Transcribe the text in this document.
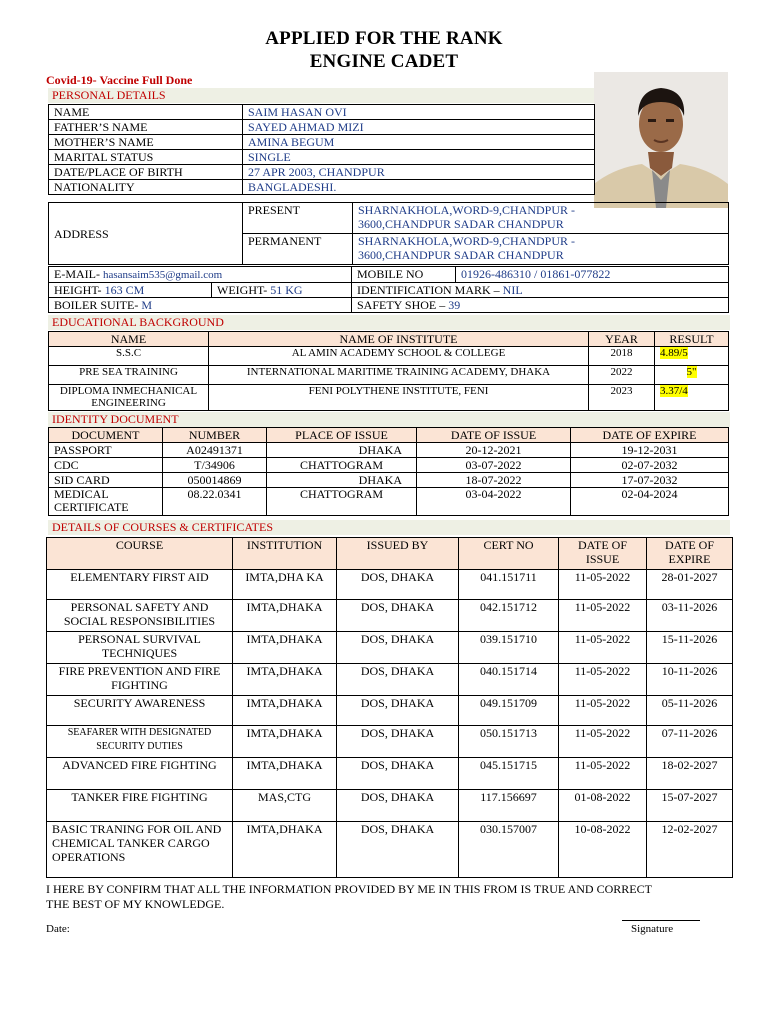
APPLIED FOR THE RANK
ENGINE CADET
Covid-19- Vaccine Full Done
PERSONAL DETAILS
NAME	SAIM HASAN OVI
FATHER’S NAME	SAYED AHMAD MIZI
MOTHER’S NAME	AMINA BEGUM
MARITAL STATUS	SINGLE
DATE/PLACE OF BIRTH	27 APR 2003, CHANDPUR
NATIONALITY	BANGLADESHI.
ADDRESS	PRESENT	SHARNAKHOLA,WORD-9,CHANDPUR -
3600,CHANDPUR SADAR CHANDPUR

	PERMANENT	SHARNAKHOLA,WORD-9,CHANDPUR -
3600,CHANDPUR SADAR CHANDPUR
E-MAIL- hasansaim535@gmail.com		MOBILE NO	01926-486310 / 01861-077822
HEIGHT- 163 CM	WEIGHT- 51 KG	IDENTIFICATION MARK – NIL	
BOILER SUITE- M		SAFETY SHOE – 39	
EDUCATIONAL BACKGROUND
NAME	NAME OF INSTITUTE	YEAR	RESULT
S.S.C	AL AMIN ACADEMY SCHOOL & COLLEGE	2018	4.89/5
PRE SEA TRAINING	INTERNATIONAL MARITIME TRAINING ACADEMY, DHAKA	2022	5"
DIPLOMA INMECHANICAL ENGINEERING	FENI POLYTHENE INSTITUTE, FENI	2023	3.37/4
IDENTITY DOCUMENT
DOCUMENT	NUMBER	PLACE OF ISSUE	DATE OF ISSUE	DATE OF EXPIRE
PASSPORT	A02491371	DHAKA	20-12-2021	19-12-2031
CDC	T/34906	CHATTOGRAM	03-07-2022	02-07-2032
SID CARD	050014869	DHAKA	18-07-2022	17-07-2032
MEDICAL CERTIFICATE	08.22.0341	CHATTOGRAM	03-04-2022	02-04-2024
DETAILS OF COURSES & CERTIFICATES
COURSE	INSTITUTION	ISSUED BY	CERT NO	DATE OF ISSUE	DATE OF EXPIRE
ELEMENTARY FIRST AID	IMTA,DHA KA	DOS, DHAKA	041.151711	11-05-2022	28-01-2027
PERSONAL SAFETY AND SOCIAL RESPONSIBILITIES	IMTA,DHAKA	DOS, DHAKA	042.151712	11-05-2022	03-11-2026
PERSONAL SURVIVAL TECHNIQUES	IMTA,DHAKA	DOS, DHAKA	039.151710	11-05-2022	15-11-2026
FIRE PREVENTION AND FIRE FIGHTING	IMTA,DHAKA	DOS, DHAKA	040.151714	11-05-2022	10-11-2026
SECURITY AWARENESS	IMTA,DHAKA	DOS, DHAKA	049.151709	11-05-2022	05-11-2026
SEAFARER WITH DESIGNATED SECURITY DUTIES	IMTA,DHAKA	DOS, DHAKA	050.151713	11-05-2022	07-11-2026
ADVANCED FIRE FIGHTING	IMTA,DHAKA	DOS, DHAKA	045.151715	11-05-2022	18-02-2027
TANKER FIRE FIGHTING	MAS,CTG	DOS, DHAKA	117.156697	01-08-2022	15-07-2027
BASIC TRANING FOR OIL AND CHEMICAL TANKER CARGO OPERATIONS	IMTA,DHAKA	DOS, DHAKA	030.157007	10-08-2022	12-02-2027
I HERE BY CONFIRM THAT ALL THE INFORMATION PROVIDED BY ME IN THIS FROM IS TRUE AND CORRECT
THE BEST OF MY KNOWLEDGE.
Date:	Signature
